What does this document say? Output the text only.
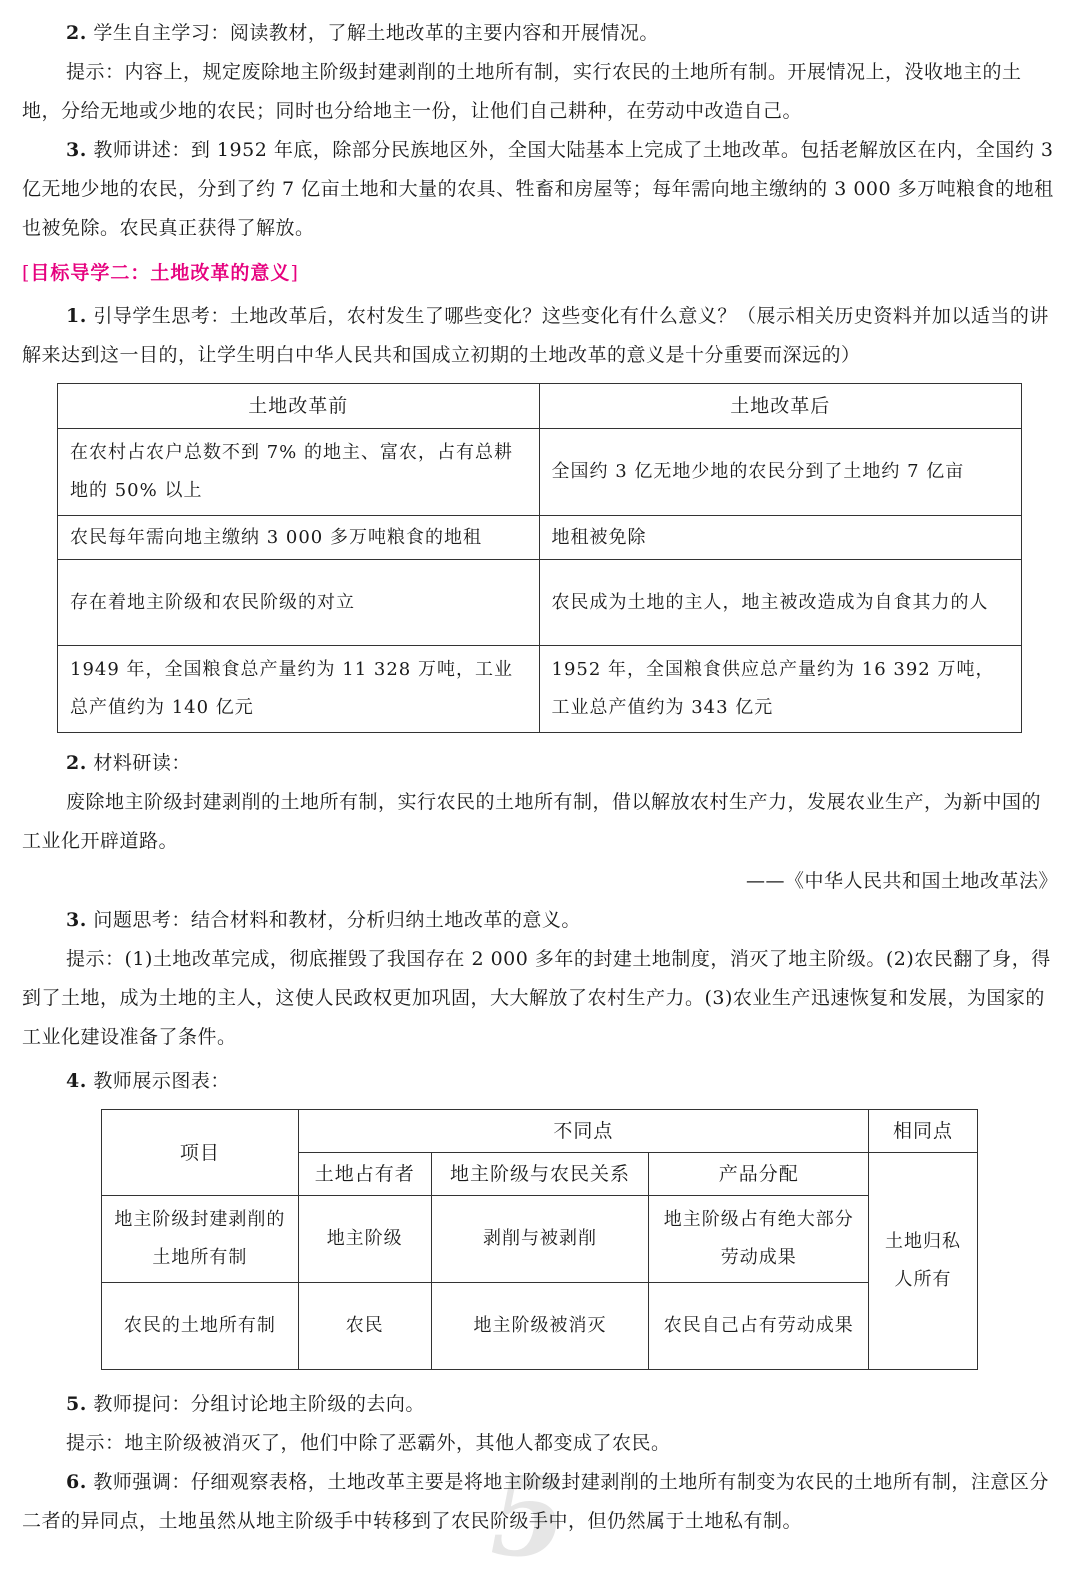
2. 学生自主学习：阅读教材，了解土地改革的主要内容和开展情况。

提示：内容上，规定废除地主阶级封建剥削的土地所有制，实行农民的土地所有制。开展情况上，没收地主的土地，分给无地或少地的农民；同时也分给地主一份，让他们自己耕种，在劳动中改造自己。

3. 教师讲述：到 1952 年底，除部分民族地区外，全国大陆基本上完成了土地改革。包括老解放区在内，全国约 3 亿无地少地的农民，分到了约 7 亿亩土地和大量的农具、牲畜和房屋等；每年需向地主缴纳的 3 000 多万吨粮食的地租也被免除。农民真正获得了解放。

[目标导学二：土地改革的意义]

1. 引导学生思考：土地改革后，农村发生了哪些变化？这些变化有什么意义？（展示相关历史资料并加以适当的讲解来达到这一目的，让学生明白中华人民共和国成立初期的土地改革的意义是十分重要而深远的）

土地改革前	土地改革后
在农村占农户总数不到 7% 的地主、富农，占有总耕地的 50% 以上	全国约 3 亿无地少地的农民分到了土地约 7 亿亩
农民每年需向地主缴纳 3 000 多万吨粮食的地租	地租被免除
存在着地主阶级和农民阶级的对立	农民成为土地的主人，地主被改造成为自食其力的人
1949 年，全国粮食总产量约为 11 328 万吨，工业总产值约为 140 亿元	1952 年，全国粮食供应总产量约为 16 392 万吨，工业总产值约为 343 亿元

2. 材料研读：

废除地主阶级封建剥削的土地所有制，实行农民的土地所有制，借以解放农村生产力，发展农业生产，为新中国的工业化开辟道路。

——《中华人民共和国土地改革法》

3. 问题思考：结合材料和教材，分析归纳土地改革的意义。

提示：(1)土地改革完成，彻底摧毁了我国存在 2 000 多年的封建土地制度，消灭了地主阶级。(2)农民翻了身，得到了土地，成为土地的主人，这使人民政权更加巩固，大大解放了农村生产力。(3)农业生产迅速恢复和发展，为国家的工业化建设准备了条件。

4. 教师展示图表：

项目	不同点			相同点
	土地占有者	地主阶级与农民关系	产品分配	土地归私人所有
地主阶级封建剥削的土地所有制	地主阶级	剥削与被剥削	地主阶级占有绝大部分劳动成果	
农民的土地所有制	农民	地主阶级被消灭	农民自己占有劳动成果	

5. 教师提问：分组讨论地主阶级的去向。

提示：地主阶级被消灭了，他们中除了恶霸外，其他人都变成了农民。

5

6. 教师强调：仔细观察表格，土地改革主要是将地主阶级封建剥削的土地所有制变为农民的土地所有制，注意区分二者的异同点，土地虽然从地主阶级手中转移到了农民阶级手中，但仍然属于土地私有制。
